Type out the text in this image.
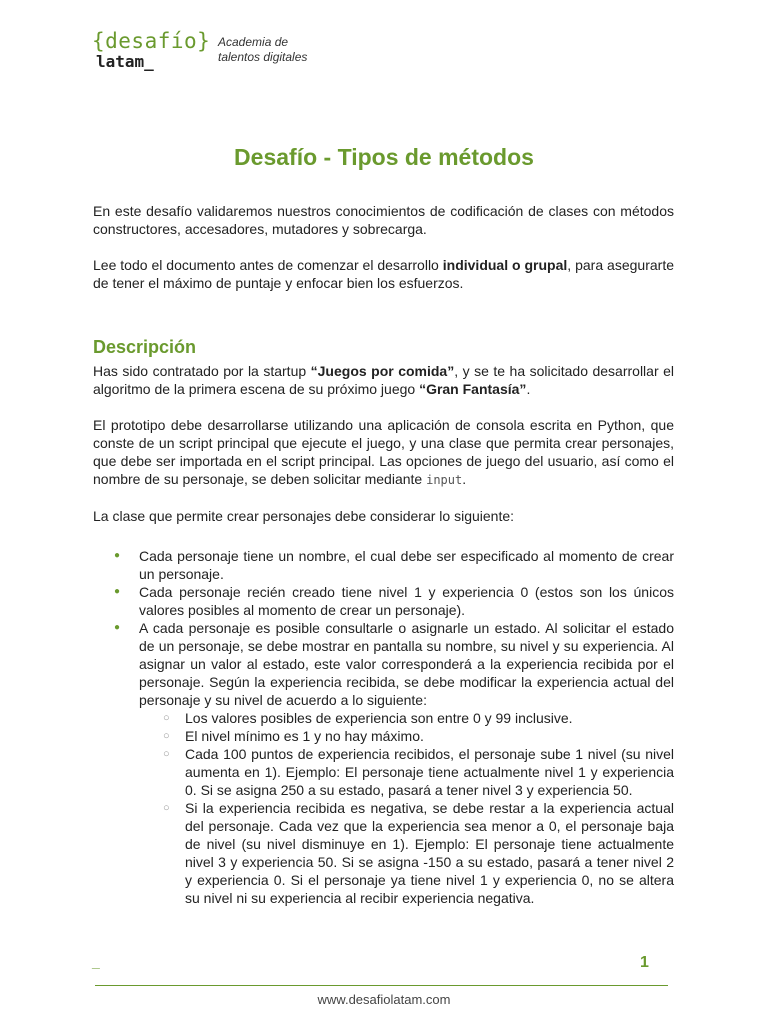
{desafío}
latam_
Academia de
talentos digitales
Desafío - Tipos de métodos

En este desafío validaremos nuestros conocimientos de codificación de clases con métodos constructores, accesadores, mutadores y sobrecarga.

Lee todo el documento antes de comenzar el desarrollo individual o grupal, para asegurarte de tener el máximo de puntaje y enfocar bien los esfuerzos.

Descripción

Has sido contratado por la startup “Juegos por comida”, y se te ha solicitado desarrollar el algoritmo de la primera escena de su próximo juego “Gran Fantasía”.

El prototipo debe desarrollarse utilizando una aplicación de consola escrita en Python, que conste de un script principal que ejecute el juego, y una clase que permita crear personajes, que debe ser importada en el script principal. Las opciones de juego del usuario, así como el nombre de su personaje, se deben solicitar mediante input.

La clase que permite crear personajes debe considerar lo siguiente:

● Cada personaje tiene un nombre, el cual debe ser especificado al momento de crear un personaje.
● Cada personaje recién creado tiene nivel 1 y experiencia 0 (estos son los únicos valores posibles al momento de crear un personaje).
● A cada personaje es posible consultarle o asignarle un estado. Al solicitar el estado de un personaje, se debe mostrar en pantalla su nombre, su nivel y su experiencia. Al asignar un valor al estado, este valor corresponderá a la experiencia recibida por el personaje. Según la experiencia recibida, se debe modificar la experiencia actual del personaje y su nivel de acuerdo a lo siguiente:
○ Los valores posibles de experiencia son entre 0 y 99 inclusive.
○ El nivel mínimo es 1 y no hay máximo.
○ Cada 100 puntos de experiencia recibidos, el personaje sube 1 nivel (su nivel aumenta en 1). Ejemplo: El personaje tiene actualmente nivel 1 y experiencia 0. Si se asigna 250 a su estado, pasará a tener nivel 3 y experiencia 50.
○ Si la experiencia recibida es negativa, se debe restar a la experiencia actual del personaje. Cada vez que la experiencia sea menor a 0, el personaje baja de nivel (su nivel disminuye en 1). Ejemplo: El personaje tiene actualmente nivel 3 y experiencia 50. Si se asigna -150 a su estado, pasará a tener nivel 2 y experiencia 0. Si el personaje ya tiene nivel 1 y experiencia 0, no se altera su nivel ni su experiencia al recibir experiencia negativa.
_	1
www.desafiolatam.com
